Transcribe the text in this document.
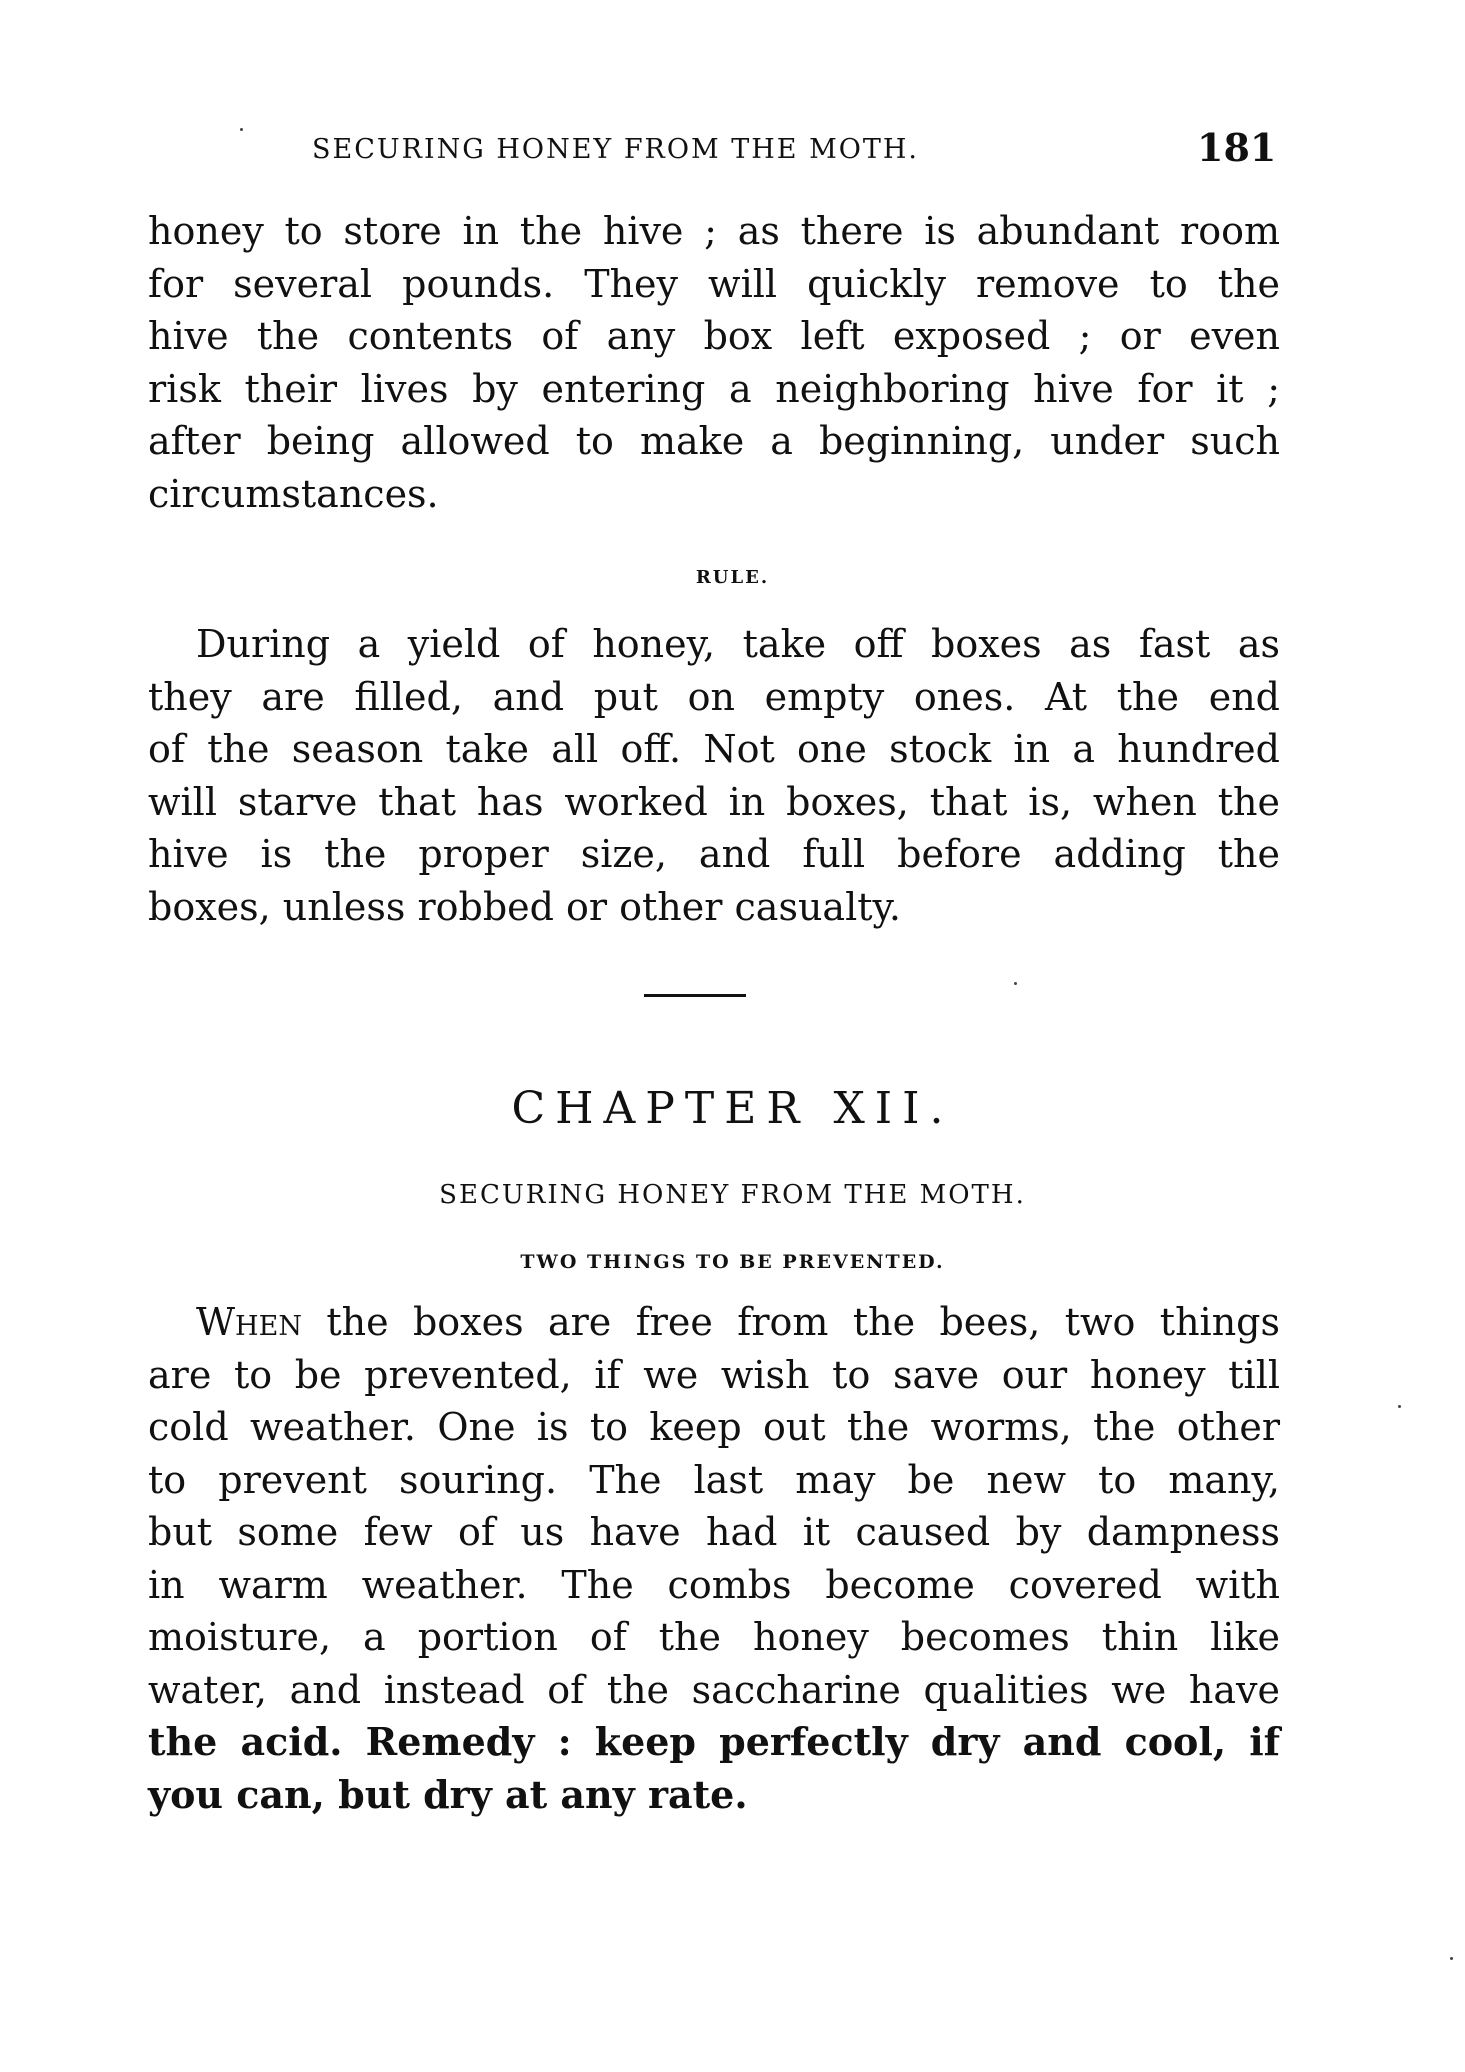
SECURING HONEY FROM THE MOTH.	181
honey to store in the hive ; as there is abundant room
for several pounds. They will quickly remove to the
hive the contents of any box left exposed ; or even
risk their lives by entering a neighboring hive for it ;
after being allowed to make a beginning, under such
circumstances.
RULE.
During a yield of honey, take off boxes as fast as
they are filled, and put on empty ones. At the end
of the season take all off. Not one stock in a hundred
will starve that has worked in boxes, that is, when the
hive is the proper size, and full before adding the
boxes, unless robbed or other casualty.
CHAPTER XII.
SECURING HONEY FROM THE MOTH.
TWO THINGS TO BE PREVENTED.
When the boxes are free from the bees, two things
are to be prevented, if we wish to save our honey till
cold weather. One is to keep out the worms, the other
to prevent souring. The last may be new to many,
but some few of us have had it caused by dampness
in warm weather. The combs become covered with
moisture, a portion of the honey becomes thin like
water, and instead of the saccharine qualities we have
the acid. Remedy : keep perfectly dry and cool, if
you can, but dry at any rate.
